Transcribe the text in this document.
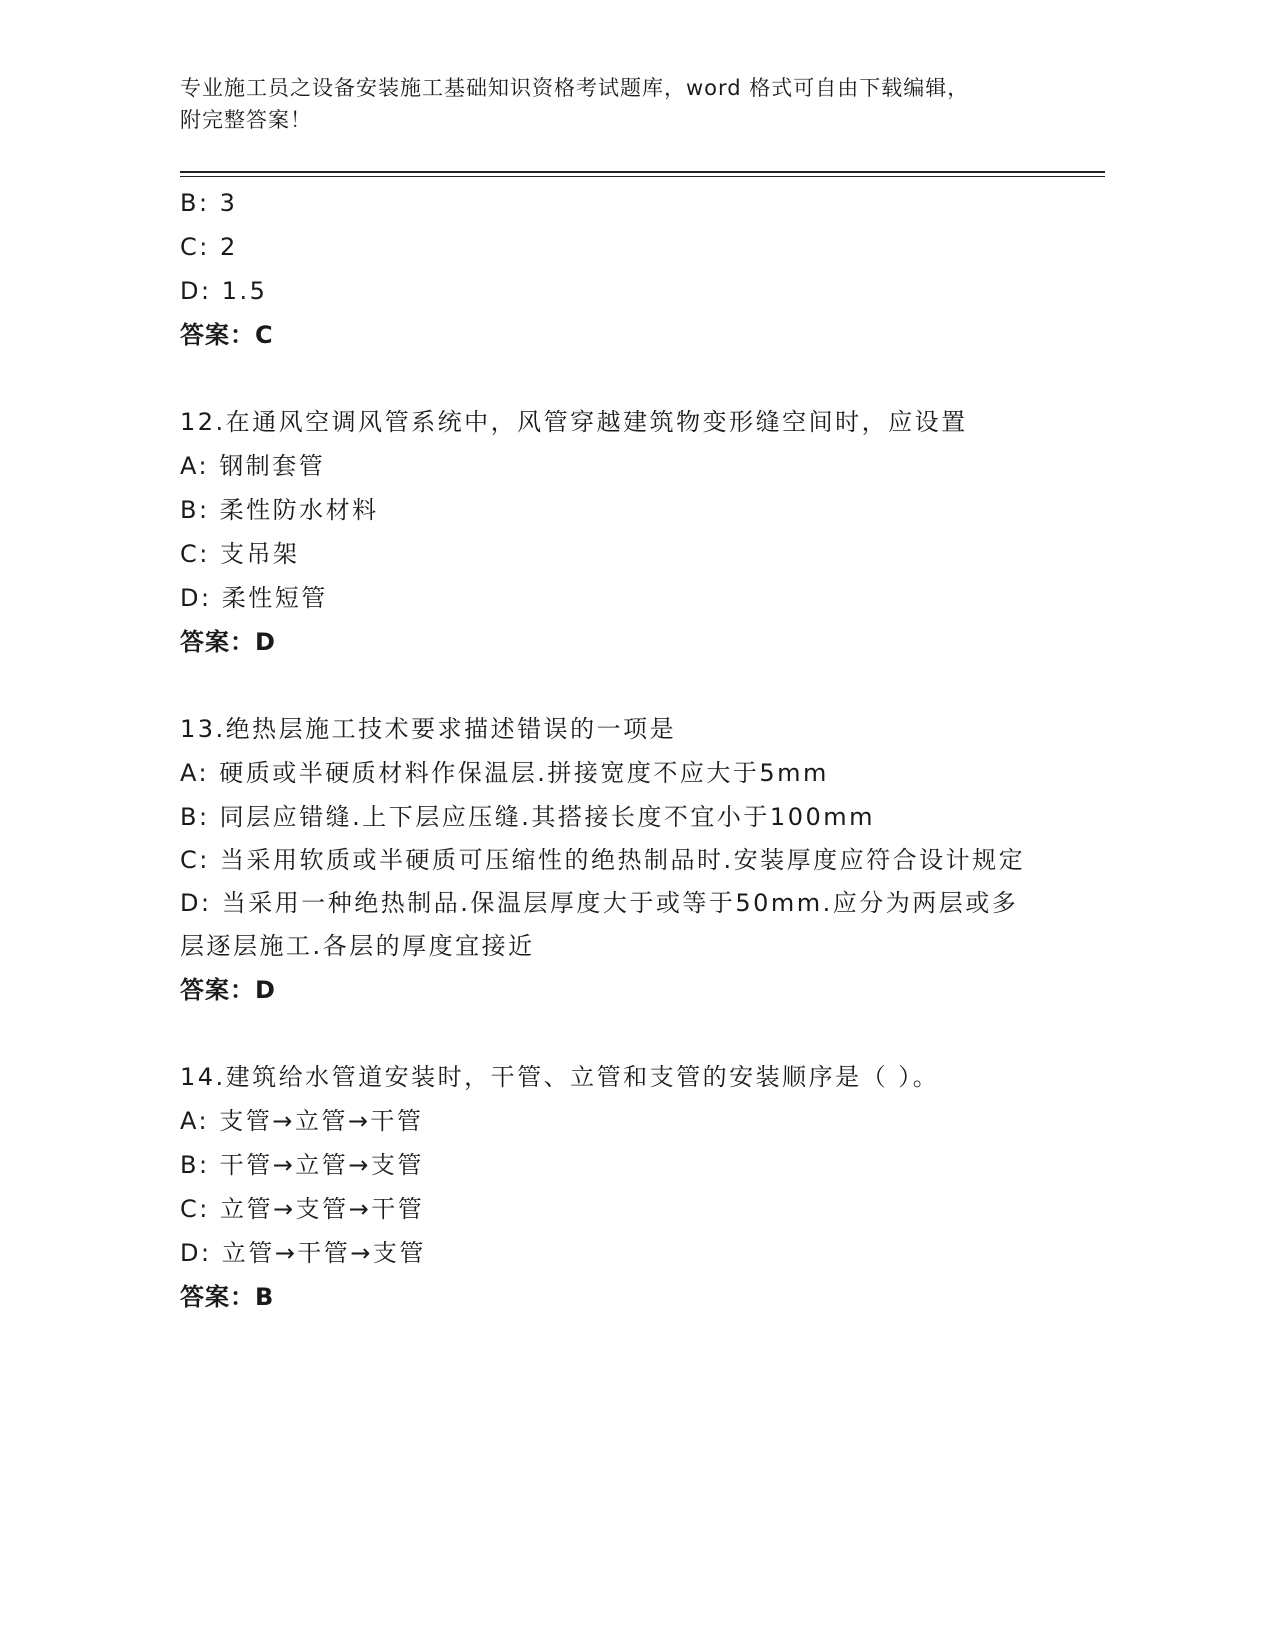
专业施工员之设备安装施工基础知识资格考试题库，word 格式可自由下载编辑，
附完整答案！
B: 3
C: 2
D: 1.5
答案：C
12.在通风空调风管系统中，风管穿越建筑物变形缝空间时，应设置
A: 钢制套管
B: 柔性防水材料
C: 支吊架
D: 柔性短管
答案：D
13.绝热层施工技术要求描述错误的一项是
A: 硬质或半硬质材料作保温层.拼接宽度不应大于5mm
B: 同层应错缝.上下层应压缝.其搭接长度不宜小于100mm
C: 当采用软质或半硬质可压缩性的绝热制品时.安装厚度应符合设计规定
D: 当采用一种绝热制品.保温层厚度大于或等于50mm.应分为两层或多层逐层施工.各层的厚度宜接近
答案：D
14.建筑给水管道安装时，干管、立管和支管的安装顺序是（ ）。
A: 支管→立管→干管
B: 干管→立管→支管
C: 立管→支管→干管
D: 立管→干管→支管
答案：B
